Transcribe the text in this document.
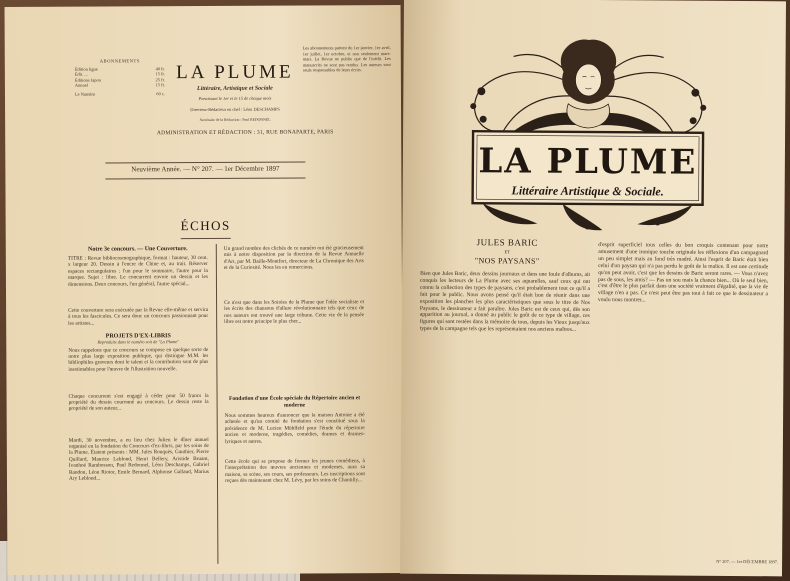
ABONNEMENTS
Édition ligne	40 fr.
Édit. ...	15 fr.
Éditions Japon	25 fr.
Annuel	15 fr.
Le Numéro	60 c.
LA PLUME
Littéraire, Artistique et Sociale
Paraissant le 1er et le 15 de chaque mois
Directeur-Rédacteur en chef : Léon DESCHAMPS
Secrétaire de la Rédaction : Paul REDONNEL
ADMINISTRATION ET RÉDACTION : 31, RUE BONAPARTE, PARIS
Les abonnements partent du 1er janvier, 1er avril, 1er juillet, 1er octobre, et non seulement mars-mars. La Revue ne publie que de l'inédit. Les manuscrits ne sont pas rendus. Les auteurs sont seuls responsables de leurs écrits.
Neuvième Année. — N° 207. — 1er Décembre 1897
ÉCHOS
Notre 3e concours. — Une Couverture.
TITRE : Revue bibliocosmographique, format : hauteur, 30 cent. x largeur 20. Dessin à l'encre de Chine et, au trait. Réserver espaces rectangulaires : l'un pour le sommaire, l'autre pour la marque. Sujet : libre. Le concurrent envoie un dessin et les dimensions. Deux concours, l'un général, l'autre spécial...
Cette couverture sera exécutée par la Revue elle-même et servira à tous les fascicules. Ce sera donc un concours passionnant pour les artistes...
PROJETS D'EX-LIBRIS
Reproduits dans le numéro soit de "La Plume"
Nous rappelons que ce concours se compose en quelque sorte de notre plus large exposition publique, qui distingue M.M. les bibliophiles graveurs dont le talent et la contribution sont de plus inestimables pour l'œuvre de l'illustration nouvelle.
Chaque concurrent s'est engagé à céder pour 50 francs la propriété du dessin couronné au concours. Le dessin reste la propriété de son auteur...
Mardi, 30 novembre, a eu lieu chez Julien le dîner annuel organisé en la fondation du Concours d'ex-libris, par les soins de la Plume. Étaient présents : MM. Jules Rouquès, Gauthier, Pierre Quillard, Maurice Leblond, Henri Bellery, Aristide Bruant, Ivanhoé Rambosson, Paul Redonnel, Léon Deschamps, Gabriel Randon, Léon Riotor, Emile Bernard, Alphonse Gallaud, Marius Ary Leblond...
Un grand nombre des clichés de ce numéro ont été gracieusement mis à notre disposition par la direction de la Revue Annuelle d'Art, par M. Baille-Montfort, directeur de La Chronique des Arts et de la Curiosité. Nous les en remercions.
Ce n'est que dans les Soirées de la Plume que l'idée socialiste et les écrits des chansons d'allure révolutionnaire tels que ceux de nos auteurs ont trouvé une large tribune. Cette vie de la pensée libre est notre principe le plus cher...
Fondation d'une École spéciale du Répertoire ancien et moderne
Nous sommes heureux d'annoncer que la maison Antoine a été achetée et qu'un comité de fondation s'est constitué sous la présidence de M. Lucien Mühlfeld pour l'étude du répertoire ancien et moderne, tragédies, comédies, drames et drames-lyriques et autres.
Cette école qui se propose de former les jeunes comédiens, à l'interprétation des œuvres anciennes et modernes, aura sa maison, sa scène, ses cours, ses professeurs. Les inscriptions sont reçues dès maintenant chez M. Lévy, par les soins de Chantilly...
LA PLUME
Littéraire Artistique & Sociale.
JULES BARIC
ET
"NOS PAYSANS"
Bien que Jules Baric, deux dessins journaux et dans une foule d'albums, ait conquis les lecteurs de La Plume avec ses aquarelles, sauf ceux qui ont connu la collection des types de paysans, c'est probablement tout ce qu'il a fait pour le public. Nous avons pensé qu'il était bon de réunir dans une exposition les planches les plus caractéristiques que sous le titre de Nos Paysans, le dessinateur a fait paraître. Jules Baric est de ceux qui, dès son apparition au journal, a donné au public le goût de ce type de village, ces figures qui sont restées dans la mémoire de tous, depuis les Vieux jusqu'aux types de la campagne tels que les représentaient nos anciens maîtres...
d'esprit superficiel tous celles du bon croquis contenant pour notre amusement d'une ironique touche originale les réflexions d'un campagnard un peu simplet mais au fond très madré. Ainsi l'esprit de Baric était bien celui d'un paysan qui n'a pas perdu le goût de la malice. Il est une certitude qu'on peut avoir, c'est que les dessins de Baric seront rares. — Vous n'avez pas de sous, les amis? — Pas un sou mais la chance bien... Où le seul bien, c'est d'être le plus parfait dans une société vraiment d'égalité, que la vie de village n'en a pas. Ce n'est peut être pas tout à fait ce que le dessinateur a voulu nous montrer...
N° 207. — 1er DÉCEMBRE 1897.
